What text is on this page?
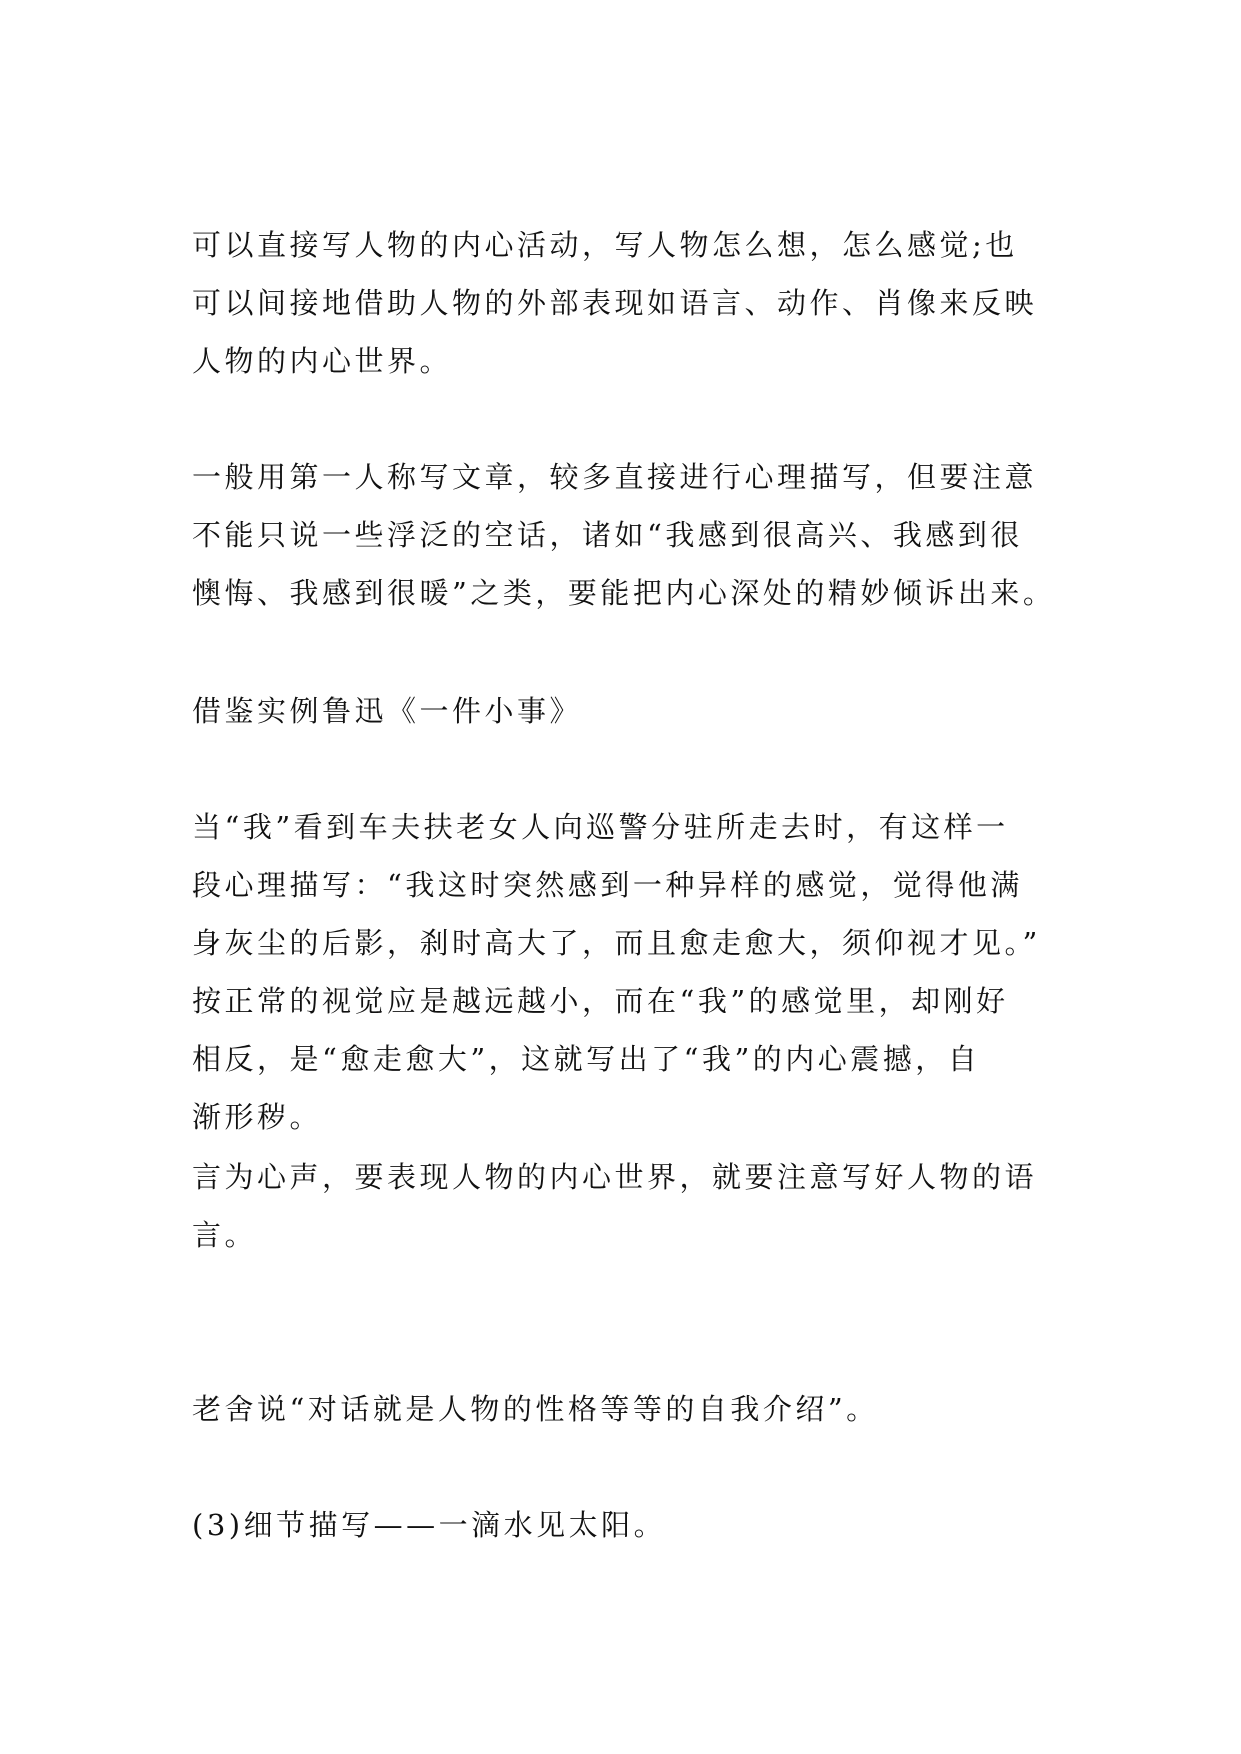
可以直接写人物的内心活动，写人物怎么想，怎么感觉;也
可以间接地借助人物的外部表现如语言、动作、肖像来反映
人物的内心世界。

一般用第一人称写文章，较多直接进行心理描写，但要注意
不能只说一些浮泛的空话，诸如“我感到很高兴、我感到很
懊悔、我感到很暖”之类，要能把内心深处的精妙倾诉出来。

借鉴实例鲁迅《一件小事》

当“我”看到车夫扶老女人向巡警分驻所走去时，有这样一
段心理描写：“我这时突然感到一种异样的感觉，觉得他满
身灰尘的后影，刹时高大了，而且愈走愈大，须仰视才见。”
按正常的视觉应是越远越小，而在“我”的感觉里，却刚好
相反，是“愈走愈大”，这就写出了“我”的内心震撼，自
渐形秽。

言为心声，要表现人物的内心世界，就要注意写好人物的语
言。

老舍说“对话就是人物的性格等等的自我介绍”。

(3)细节描写——一滴水见太阳。
